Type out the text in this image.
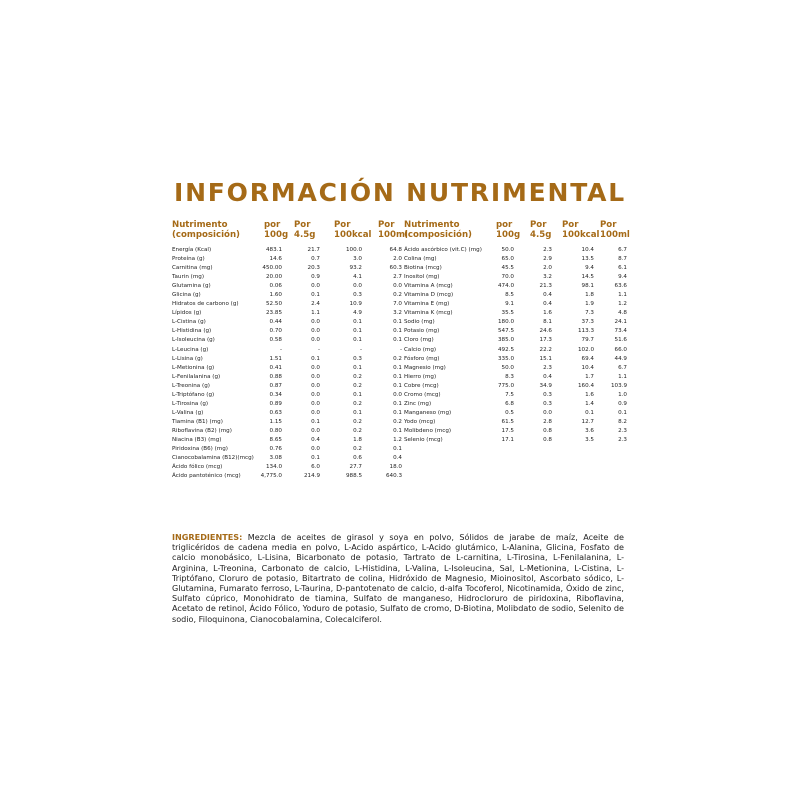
INFORMACIÓN NUTRIMENTAL
Nutrimento (composición)	por 100g	Por 4.5g	Por 100kcal	Por 100ml
Energía (Kcal)	483.1	21.7	100.0	64.8
Proteína (g)	14.6	0.7	3.0	2.0
Carnitina (mg)	450.00	20.3	93.2	60.3
Taurin (mg)	20.00	0.9	4.1	2.7
Glutamina (g)	0.06	0.0	0.0	0.0
Glicina (g)	1.60	0.1	0.3	0.2
Hidratos de carbono (g)	52.50	2.4	10.9	7.0
Lípidos (g)	23.85	1.1	4.9	3.2
L-Cistina (g)	0.44	0.0	0.1	0.1
L-Histidina (g)	0.70	0.0	0.1	0.1
L-Isoleucina (g)	0.58	0.0	0.1	0.1
L-Leucina (g)	-	-	-	-
L-Lisina (g)	1.51	0.1	0.3	0.2
L-Metionina (g)	0.41	0.0	0.1	0.1
L-Fenilalanina (g)	0.88	0.0	0.2	0.1
L-Treonina (g)	0.87	0.0	0.2	0.1
L-Triptófano (g)	0.34	0.0	0.1	0.0
L-Tirosina (g)	0.89	0.0	0.2	0.1
L-Valina (g)	0.63	0.0	0.1	0.1
Tiamina (B1) (mg)	1.15	0.1	0.2	0.2
Riboflavina (B2) (mg)	0.80	0.0	0.2	0.1
Niacina (B3) (mg)	8.65	0.4	1.8	1.2
Piridoxina (B6) (mg)	0.76	0.0	0.2	0.1
Cianocobalamina (B12)(mcg)	3.08	0.1	0.6	0.4
Ácido fólico (mcg)	134.0	6.0	27.7	18.0
Ácido pantoténico (mcg)	4,775.0	214.9	988.5	640.3
Nutrimento (composición)	por 100g	Por 4.5g	Por 100kcal	Por 100ml
Ácido ascórbico (vit.C) (mg)	50.0	2.3	10.4	6.7
Colina (mg)	65.0	2.9	13.5	8.7
Biotina (mcg)	45.5	2.0	9.4	6.1
Inositol (mg)	70.0	3.2	14.5	9.4
Vitamina A (mcg)	474.0	21.3	98.1	63.6
Vitamina D (mcg)	8.5	0.4	1.8	1.1
Vitamina E (mg)	9.1	0.4	1.9	1.2
Vitamina K (mcg)	35.5	1.6	7.3	4.8
Sodio (mg)	180.0	8.1	37.3	24.1
Potasio (mg)	547.5	24.6	113.3	73.4
Cloro (mg)	385.0	17.3	79.7	51.6
Calcio (mg)	492.5	22.2	102.0	66.0
Fósforo (mg)	335.0	15.1	69.4	44.9
Magnesio (mg)	50.0	2.3	10.4	6.7
Hierro (mg)	8.3	0.4	1.7	1.1
Cobre (mcg)	775.0	34.9	160.4	103.9
Cromo (mcg)	7.5	0.3	1.6	1.0
Zinc (mg)	6.8	0.3	1.4	0.9
Manganeso (mg)	0.5	0.0	0.1	0.1
Yodo (mcg)	61.5	2.8	12.7	8.2
Molibdeno (mcg)	17.5	0.8	3.6	2.3
Selenio (mcg)	17.1	0.8	3.5	2.3
INGREDIENTES: Mezcla de aceites de girasol y soya en polvo, Sólidos de jarabe de maíz, Aceite de triglicéridos de cadena media en polvo, L-Acido aspártico, L-Acido glutámico, L-Alanina, Glicina, Fosfato de calcio monobásico, L-Lisina, Bicarbonato de potasio, Tartrato de L-carnitina, L-Tirosina, L-Fenilalanina, L-Arginina, L-Treonina, Carbonato de calcio, L-Histidina, L-Valina, L-Isoleucina, Sal, L-Metionina, L-Cistina, L-Triptófano, Cloruro de potasio, Bitartrato de colina, Hidróxido de Magnesio, Mioinositol, Ascorbato sódico, L-Glutamina, Fumarato ferroso, L-Taurina, D-pantotenato de calcio, d-alfa Tocoferol, Nicotinamida, Óxido de zinc, Sulfato cúprico, Monohidrato de tiamina, Sulfato de manganeso, Hidrocloruro de piridoxina, Riboflavina, Acetato de retinol, Ácido Fólico, Yoduro de potasio, Sulfato de cromo, D-Biotina, Molibdato de sodio, Selenito de sodio, Filoquinona, Cianocobalamina, Colecalciferol.
